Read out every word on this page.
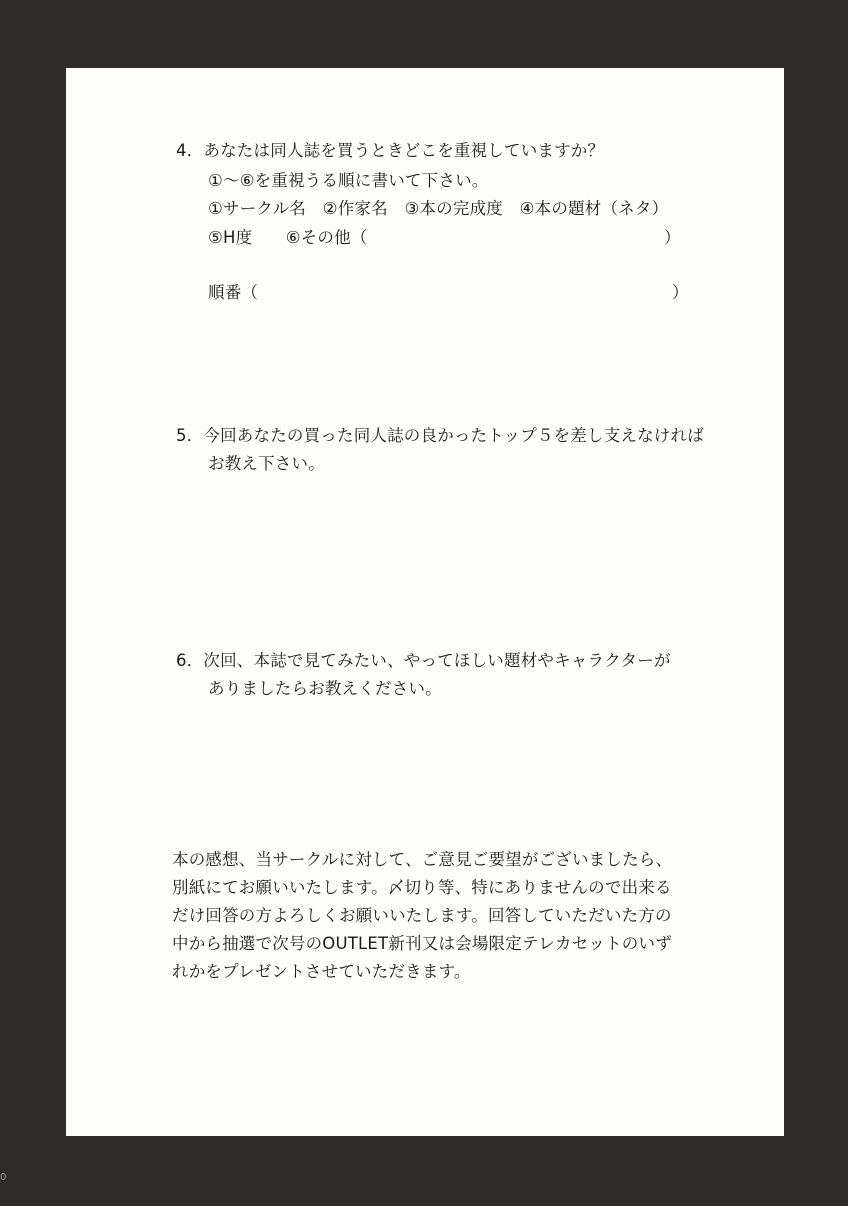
4．あなたは同人誌を買うときどこを重視していますか？
①～⑥を重視うる順に書いて下さい。
①サークル名　②作家名　③本の完成度　④本の題材（ネタ）
⑤H度　　⑥その他（	）
順番（	）
5．今回あなたの買った同人誌の良かったトップ５を差し支えなければ
お教え下さい。
6．次回、本誌で見てみたい、やってほしい題材やキャラクターが
ありましたらお教えください。
本の感想、当サークルに対して、ご意見ご要望がございましたら、
別紙にてお願いいたします。〆切り等、特にありませんので出来る
だけ回答の方よろしくお願いいたします。回答していただいた方の
中から抽選で次号のOUTLET新刊又は会場限定テレカセットのいず
れかをプレゼントさせていただきます。
0
